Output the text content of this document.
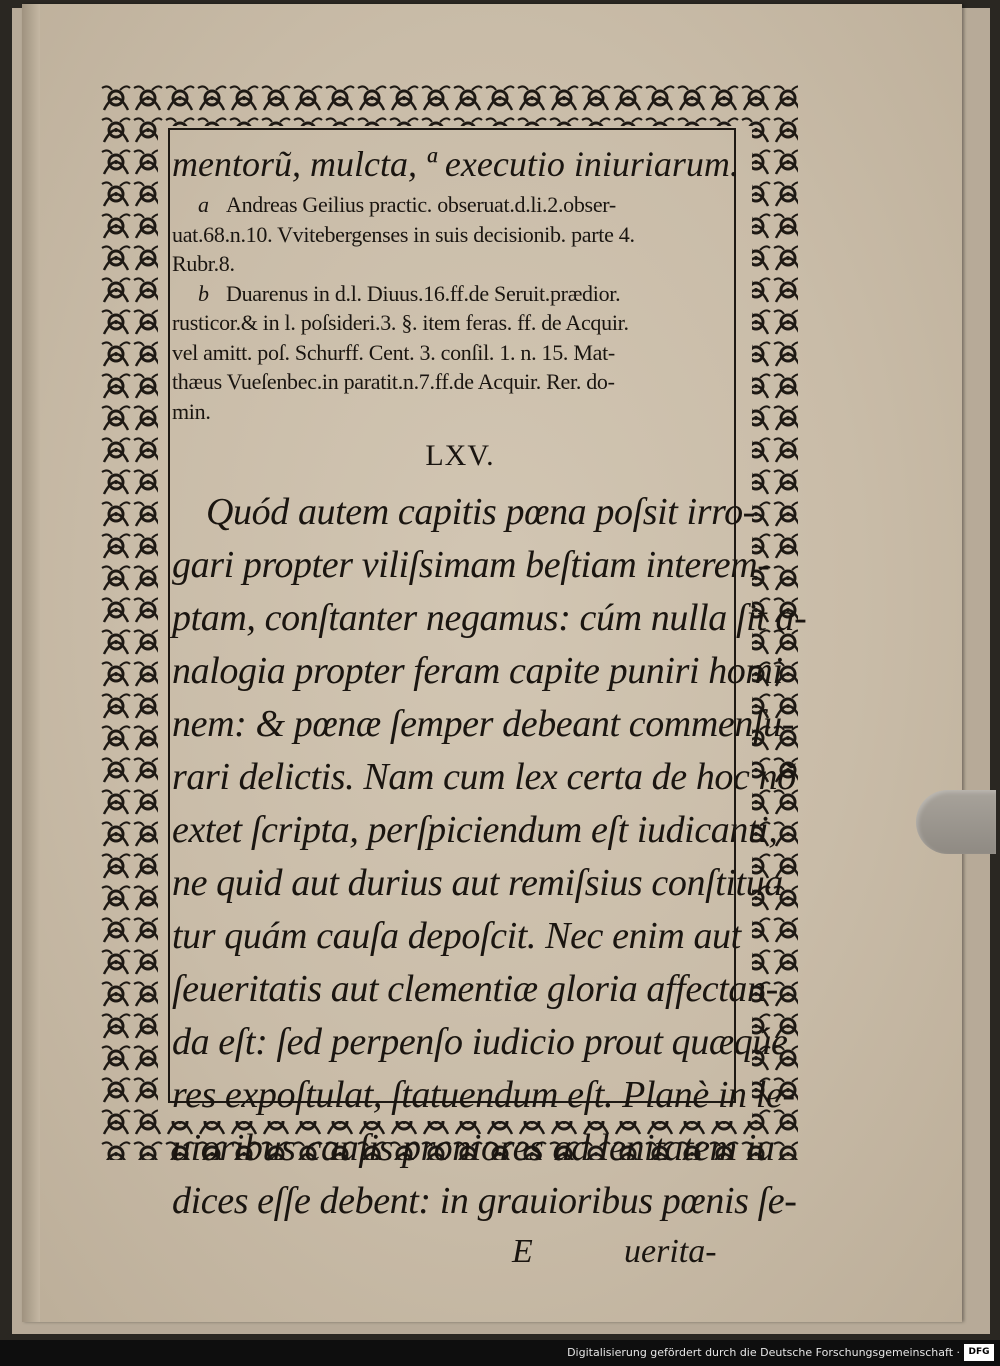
mentorũ, mulcta, ª executio iniuriarum.
a Andreas Geilius practic. obseruat.d.li.2.obser-
uat.68.n.10. Vvitebergenses in suis decisionib. parte 4.
Rubr.8.
b Duarenus in d.l. Diuus.16.ff.de Seruit.prædior.
rusticor.& in l. poſsideri.3. §. item feras. ff. de Acquir.
vel amitt. poſ. Schurff. Cent. 3. conſil. 1. n. 15. Mat-
thæus Vueſenbec.in paratit.n.7.ff.de Acquir. Rer. do-
min.
LXV.
Quód autem capitis pœna poſsit irro-
gari propter viliſsimam beſtiam interem-
ptam, conſtanter negamus: cúm nulla ſit a-
nalogia propter feram capite puniri homi
nem: & pœnæ ſemper debeant commenſu-
rari delictis. Nam cum lex certa de hoc nõ
extet ſcripta, perſpiciendum eſt iudicanti,
ne quid aut durius aut remiſsius conſtitua
tur quám cauſa depoſcit. Nec enim aut
ſeueritatis aut clementiæ gloria affectan-
da eſt: ſed perpenſo iudicio prout quæqúe
res expoſtulat, ſtatuendum eſt. Planè in le-
uioribus cauſis proniores ad lenitatem iu
dices eſſe debent: in grauioribus pœnis ſe-
E	uerita-
Digitalisierung gefördert durch die Deutsche Forschungsgemeinschaft · DFG
